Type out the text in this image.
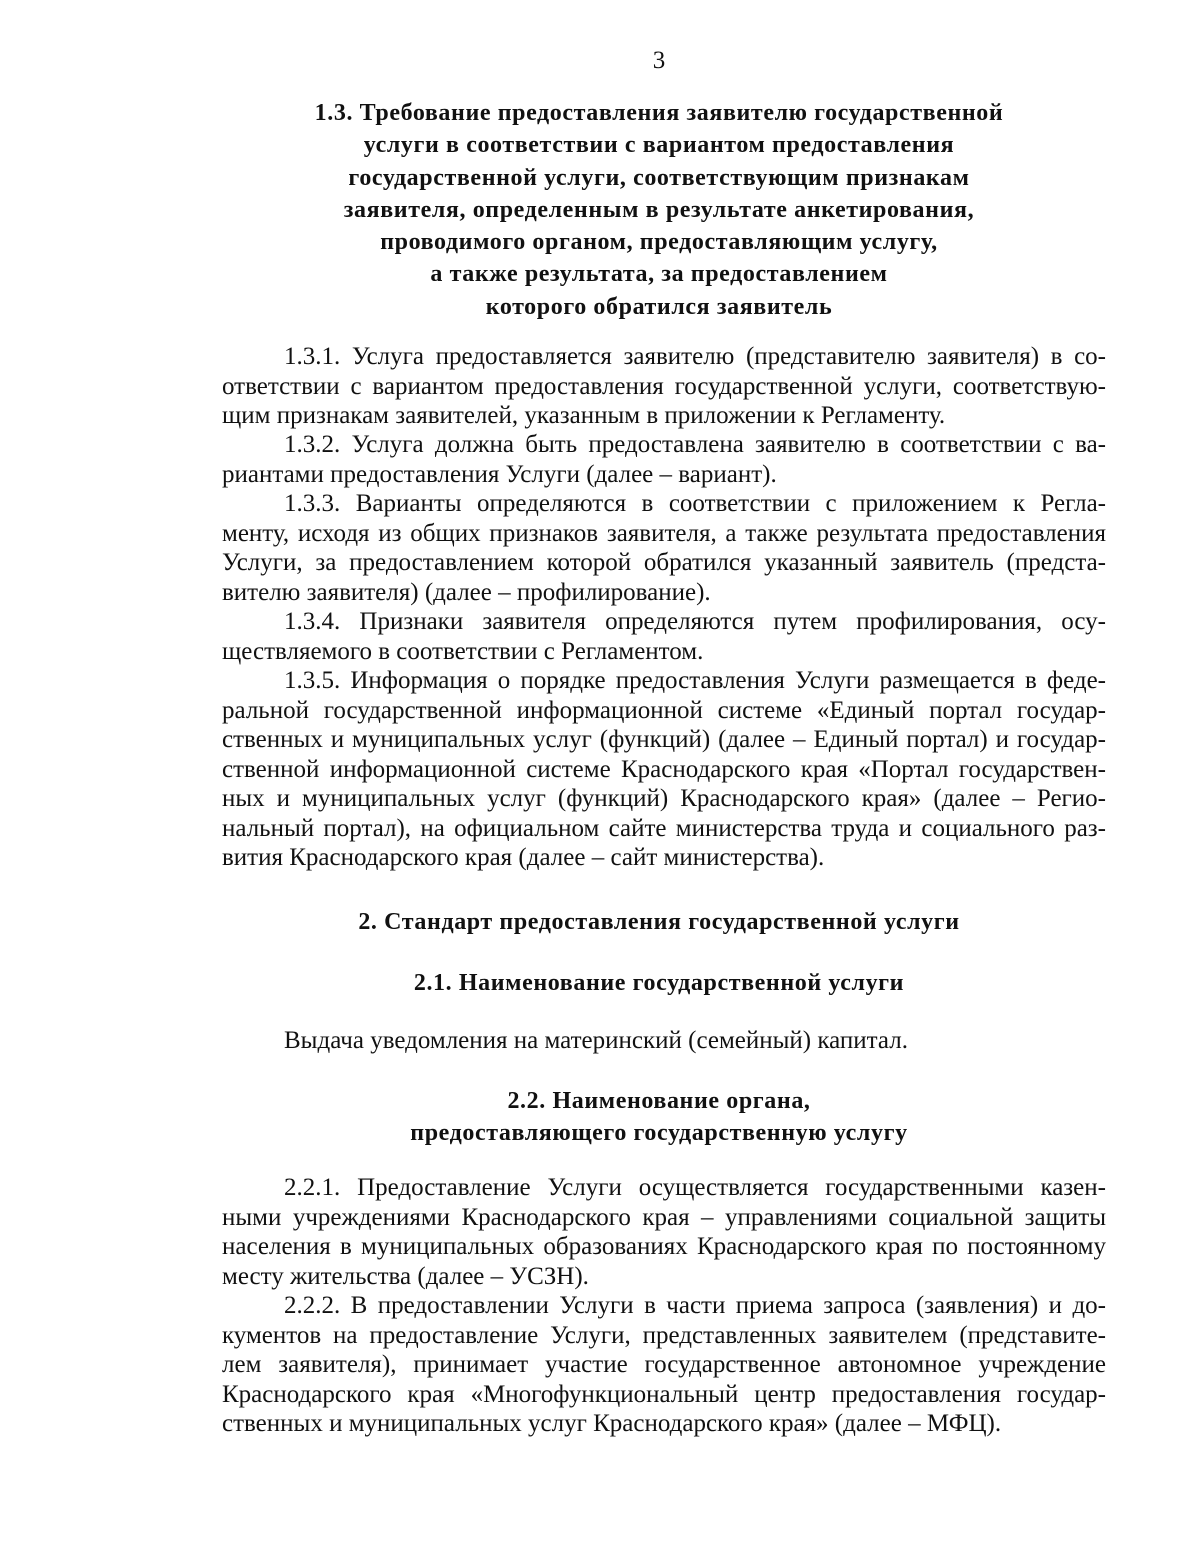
3
1.3. Требование предоставления заявителю государственной
услуги в соответствии с вариантом предоставления
государственной услуги, соответствующим признакам
заявителя, определенным в результате анкетирования,
проводимого органом, предоставляющим услугу,
а также результата, за предоставлением
которого обратился заявитель
1.3.1. Услуга предоставляется заявителю (представителю заявителя) в со-
ответствии с вариантом предоставления государственной услуги, соответствую-
щим признакам заявителей, указанным в приложении к Регламенту.
1.3.2. Услуга должна быть предоставлена заявителю в соответствии с ва-
риантами предоставления Услуги (далее – вариант).
1.3.3. Варианты определяются в соответствии с приложением к Регла-
менту, исходя из общих признаков заявителя, а также результата предоставления
Услуги, за предоставлением которой обратился указанный заявитель (предста-
вителю заявителя) (далее – профилирование).
1.3.4. Признаки заявителя определяются путем профилирования, осу-
ществляемого в соответствии с Регламентом.
1.3.5. Информация о порядке предоставления Услуги размещается в феде-
ральной государственной информационной системе «Единый портал государ-
ственных и муниципальных услуг (функций) (далее – Единый портал) и государ-
ственной информационной системе Краснодарского края «Портал государствен-
ных и муниципальных услуг (функций) Краснодарского края» (далее – Регио-
нальный портал), на официальном сайте министерства труда и социального раз-
вития Краснодарского края (далее – сайт министерства).
2. Стандарт предоставления государственной услуги
2.1. Наименование государственной услуги
Выдача уведомления на материнский (семейный) капитал.
2.2. Наименование органа,
предоставляющего государственную услугу
2.2.1. Предоставление Услуги осуществляется государственными казен-
ными учреждениями Краснодарского края – управлениями социальной защиты
населения в муниципальных образованиях Краснодарского края по постоянному
месту жительства (далее – УСЗН).
2.2.2. В предоставлении Услуги в части приема запроса (заявления) и до-
кументов на предоставление Услуги, представленных заявителем (представите-
лем заявителя), принимает участие государственное автономное учреждение
Краснодарского края «Многофункциональный центр предоставления государ-
ственных и муниципальных услуг Краснодарского края» (далее – МФЦ).
